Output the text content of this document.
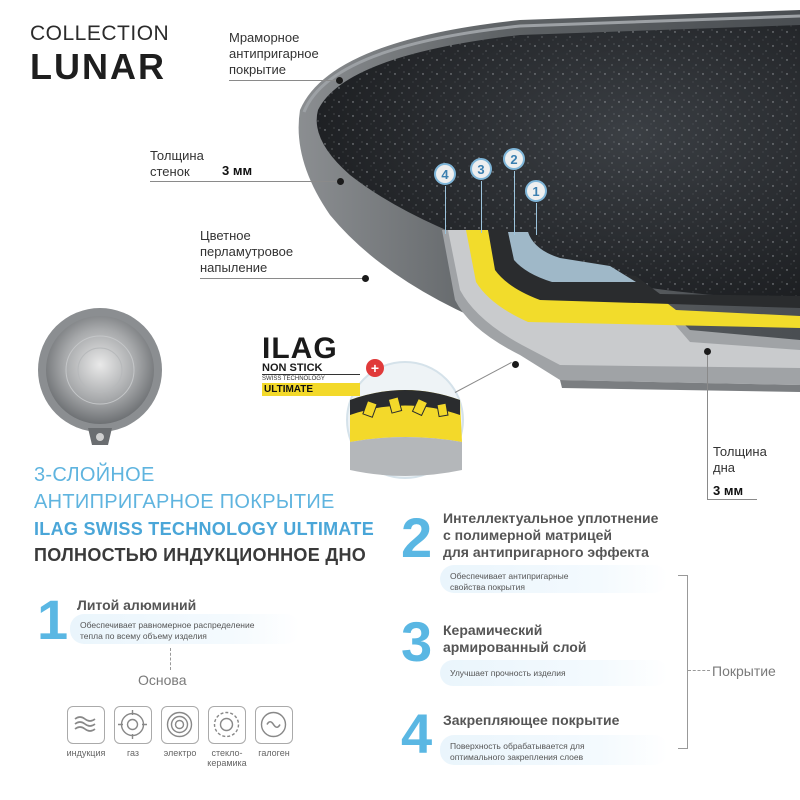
COLLECTION
LUNAR
Мраморное
антипригарное
покрытие
Толщина
стенок	3 мм
Цветное
перламутровое
напыление
Толщина
дна
3 мм
4	3
2
1
ILAG
NON STICK
SWISS TECHNOLOGY
ULTIMATE
+
3-СЛОЙНОЕ
АНТИПРИГАРНОЕ ПОКРЫТИЕ
ILAG SWISS TECHNOLOGY ULTIMATE
ПОЛНОСТЬЮ ИНДУКЦИОННОЕ ДНО
1 Литой алюминий
Обеспечивает равномерное распределение
тепла по всему объему изделия
Основа
индукция	газ	электро	стекло-
керамика
галоген
2 Интеллектуальное уплотнение
с полимерной матрицей
для антипригарного эффекта
Обеспечивает антипригарные
свойства покрытия
3 Керамический
армированный слой
Улучшает прочность изделия
4 Закрепляющее покрытие
Поверхность обрабатывается для
оптимального закрепления слоев
Покрытие
